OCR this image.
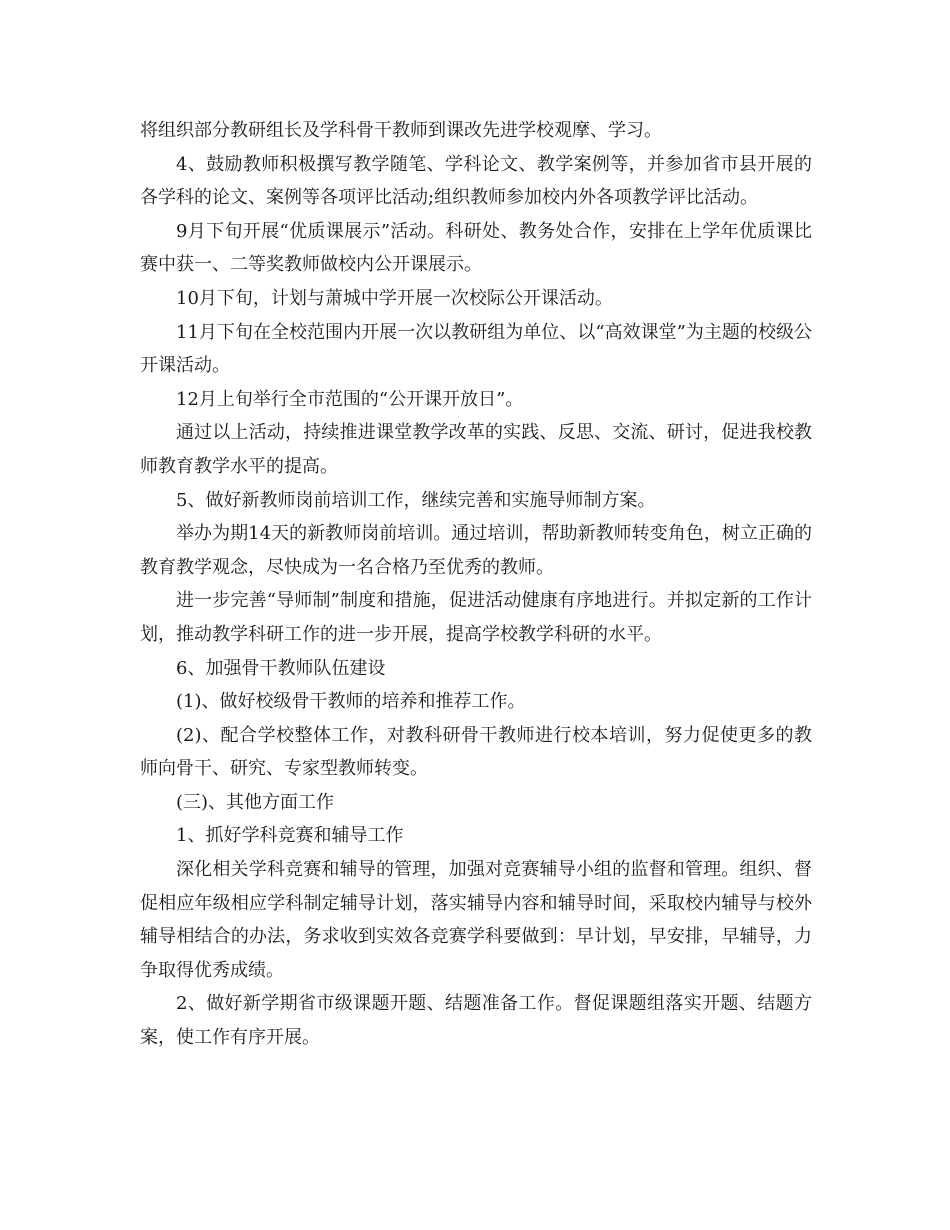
将组织部分教研组长及学科骨干教师到课改先进学校观摩、学习。

4、鼓励教师积极撰写教学随笔、学科论文、教学案例等，并参加省市县开展的各学科的论文、案例等各项评比活动;组织教师参加校内外各项教学评比活动。

9月下旬开展“优质课展示”活动。科研处、教务处合作，安排在上学年优质课比赛中获一、二等奖教师做校内公开课展示。

10月下旬，计划与萧城中学开展一次校际公开课活动。

11月下旬在全校范围内开展一次以教研组为单位、以“高效课堂”为主题的校级公开课活动。

12月上旬举行全市范围的“公开课开放日”。

通过以上活动，持续推进课堂教学改革的实践、反思、交流、研讨，促进我校教师教育教学水平的提高。

5、做好新教师岗前培训工作，继续完善和实施导师制方案。

举办为期14天的新教师岗前培训。通过培训，帮助新教师转变角色，树立正确的教育教学观念，尽快成为一名合格乃至优秀的教师。

进一步完善“导师制”制度和措施，促进活动健康有序地进行。并拟定新的工作计划，推动教学科研工作的进一步开展，提高学校教学科研的水平。

6、加强骨干教师队伍建设

(1)、做好校级骨干教师的培养和推荐工作。

(2)、配合学校整体工作，对教科研骨干教师进行校本培训，努力促使更多的教师向骨干、研究、专家型教师转变。

(三)、其他方面工作

1、抓好学科竞赛和辅导工作

深化相关学科竞赛和辅导的管理，加强对竞赛辅导小组的监督和管理。组织、督促相应年级相应学科制定辅导计划，落实辅导内容和辅导时间，采取校内辅导与校外辅导相结合的办法，务求收到实效各竞赛学科要做到：早计划，早安排，早辅导，力争取得优秀成绩。

2、做好新学期省市级课题开题、结题准备工作。督促课题组落实开题、结题方案，使工作有序开展。
